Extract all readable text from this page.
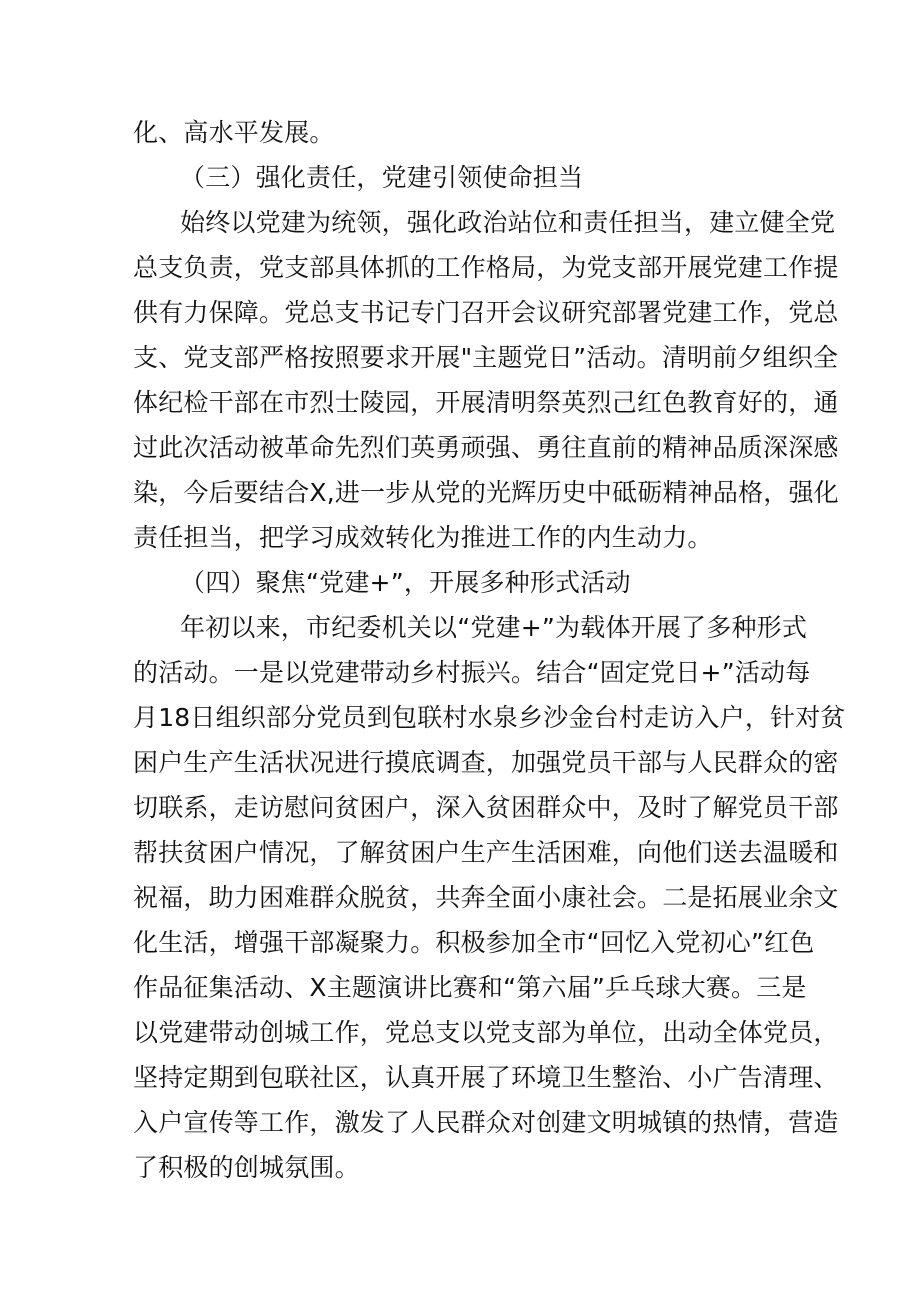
化、高水平发展。
（三）强化责任，党建引领使命担当
始终以党建为统领，强化政治站位和责任担当，建立健全党
总支负责，党支部具体抓的工作格局，为党支部开展党建工作提
供有力保障。党总支书记专门召开会议研究部署党建工作，党总
支、党支部严格按照要求开展"主题党日”活动。清明前夕组织全
体纪检干部在市烈士陵园，开展清明祭英烈己红色教育好的，通
过此次活动被革命先烈们英勇顽强、勇往直前的精神品质深深感
染，今后要结合X,进一步从党的光辉历史中砥砺精神品格，强化
责任担当，把学习成效转化为推进工作的内生动力。
（四）聚焦“党建+”，开展多种形式活动
年初以来，市纪委机关以“党建+”为载体开展了多种形式
的活动。一是以党建带动乡村振兴。结合“固定党日+”活动每
月18日组织部分党员到包联村水泉乡沙金台村走访入户，针对贫
困户生产生活状况进行摸底调查，加强党员干部与人民群众的密
切联系，走访慰问贫困户，深入贫困群众中，及时了解党员干部
帮扶贫困户情况，了解贫困户生产生活困难，向他们送去温暖和
祝福，助力困难群众脱贫，共奔全面小康社会。二是拓展业余文
化生活，增强干部凝聚力。积极参加全市“回忆入党初心”红色
作品征集活动、X主题演讲比赛和“第六届”乒乓球大赛。三是
以党建带动创城工作，党总支以党支部为单位，出动全体党员，
坚持定期到包联社区，认真开展了环境卫生整治、小广告清理、
入户宣传等工作，激发了人民群众对创建文明城镇的热情，营造
了积极的创城氛围。
